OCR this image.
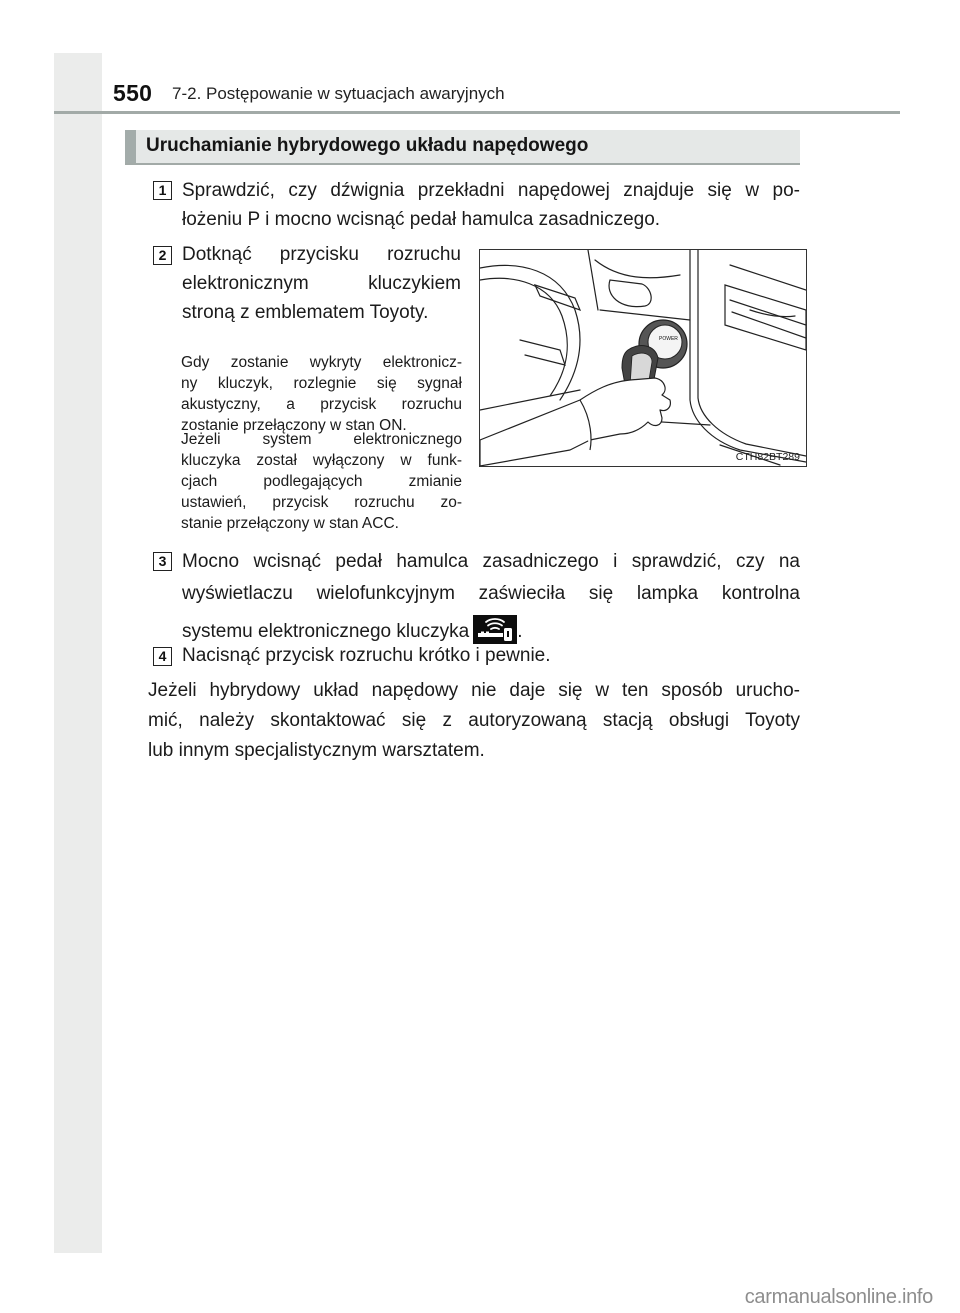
550 7-2. Postępowanie w sytuacjach awaryjnych
Uruchamianie hybrydowego układu napędowego
1 Sprawdzić, czy dźwignia przekładni napędowej znajduje się w po-
łożeniu P i mocno wcisnąć pedał hamulca zasadniczego.
2 Dotknąć przycisku rozruchu
elektronicznym kluczykiem
stroną z emblematem Toyoty.
Gdy zostanie wykryty elektronicz-
ny kluczyk, rozlegnie się sygnał
akustyczny, a przycisk rozruchu
zostanie przełączony w stan ON.
Jeżeli system elektronicznego
kluczyka został wyłączony w funk-
cjach podlegających zmianie
ustawień, przycisk rozruchu zo-
stanie przełączony w stan ACC.
POWER
CTH82BT289
3 Mocno wcisnąć pedał hamulca zasadniczego i sprawdzić, czy na
wyświetlaczu wielofunkcyjnym zaświeciła się lampka kontrolna
systemu elektronicznego kluczyka	.
4 Nacisnąć przycisk rozruchu krótko i pewnie.
Jeżeli hybrydowy układ napędowy nie daje się w ten sposób urucho-
mić, należy skontaktować się z autoryzowaną stacją obsługi Toyoty
lub innym specjalistycznym warsztatem.
carmanualsonline.info
